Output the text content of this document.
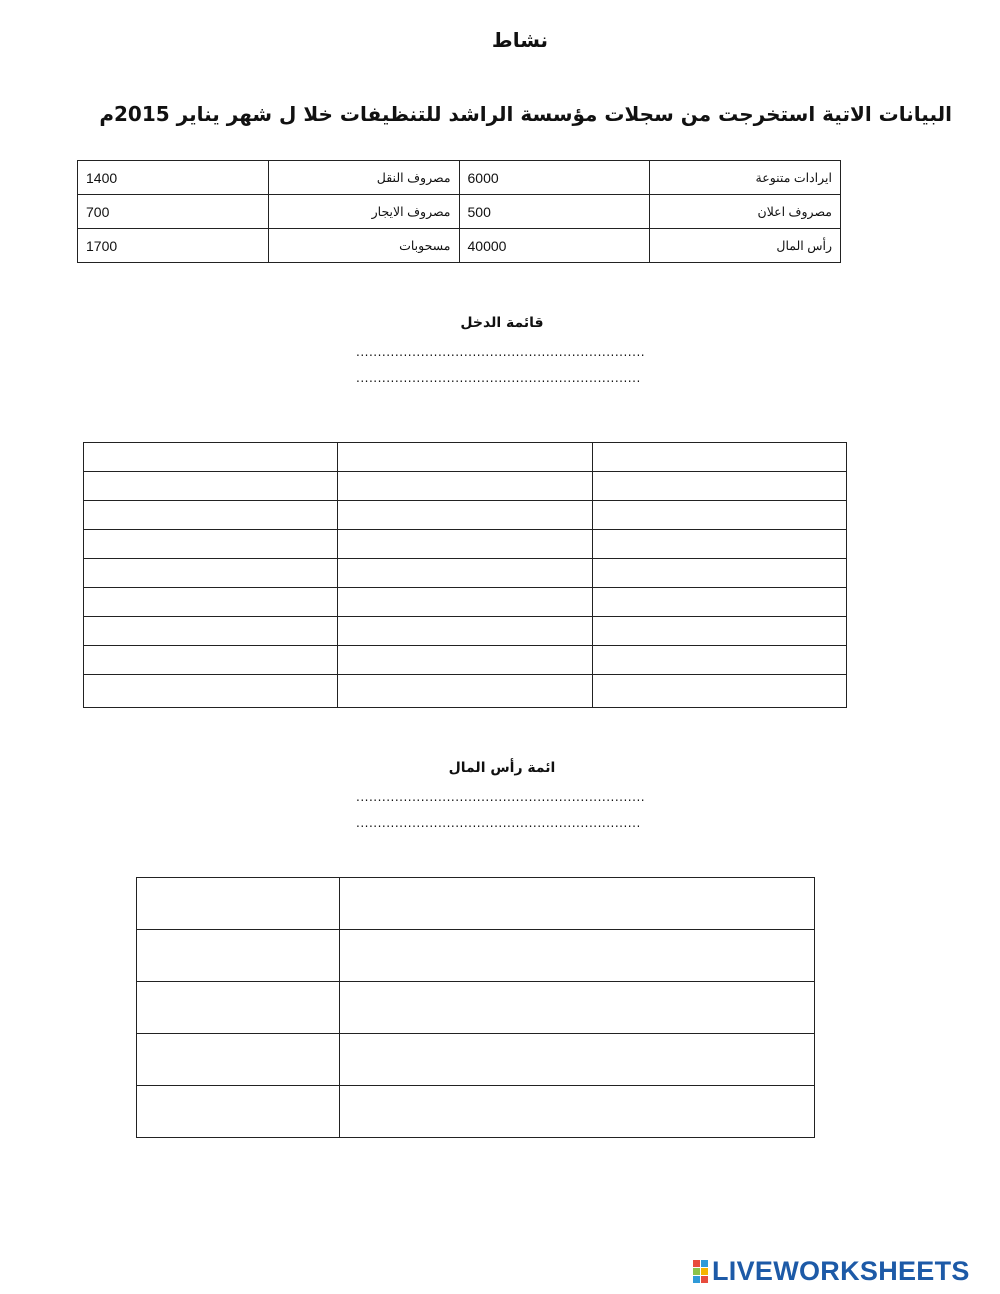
نشاط
البيانات الاتية استخرجت من سجلات مؤسسة الراشد للتنظيفات خلا ل شهر يناير 2015م
ايرادات متنوعة	6000	مصروف النقل	1400
مصروف اعلان	500	مصروف الايجار	700
رأس المال	40000	مسحوبات	1700
قائمة الدخل
...................................................................
..................................................................

ائمة رأس المال
...................................................................
..................................................................

LIVEWORKSHEETS
